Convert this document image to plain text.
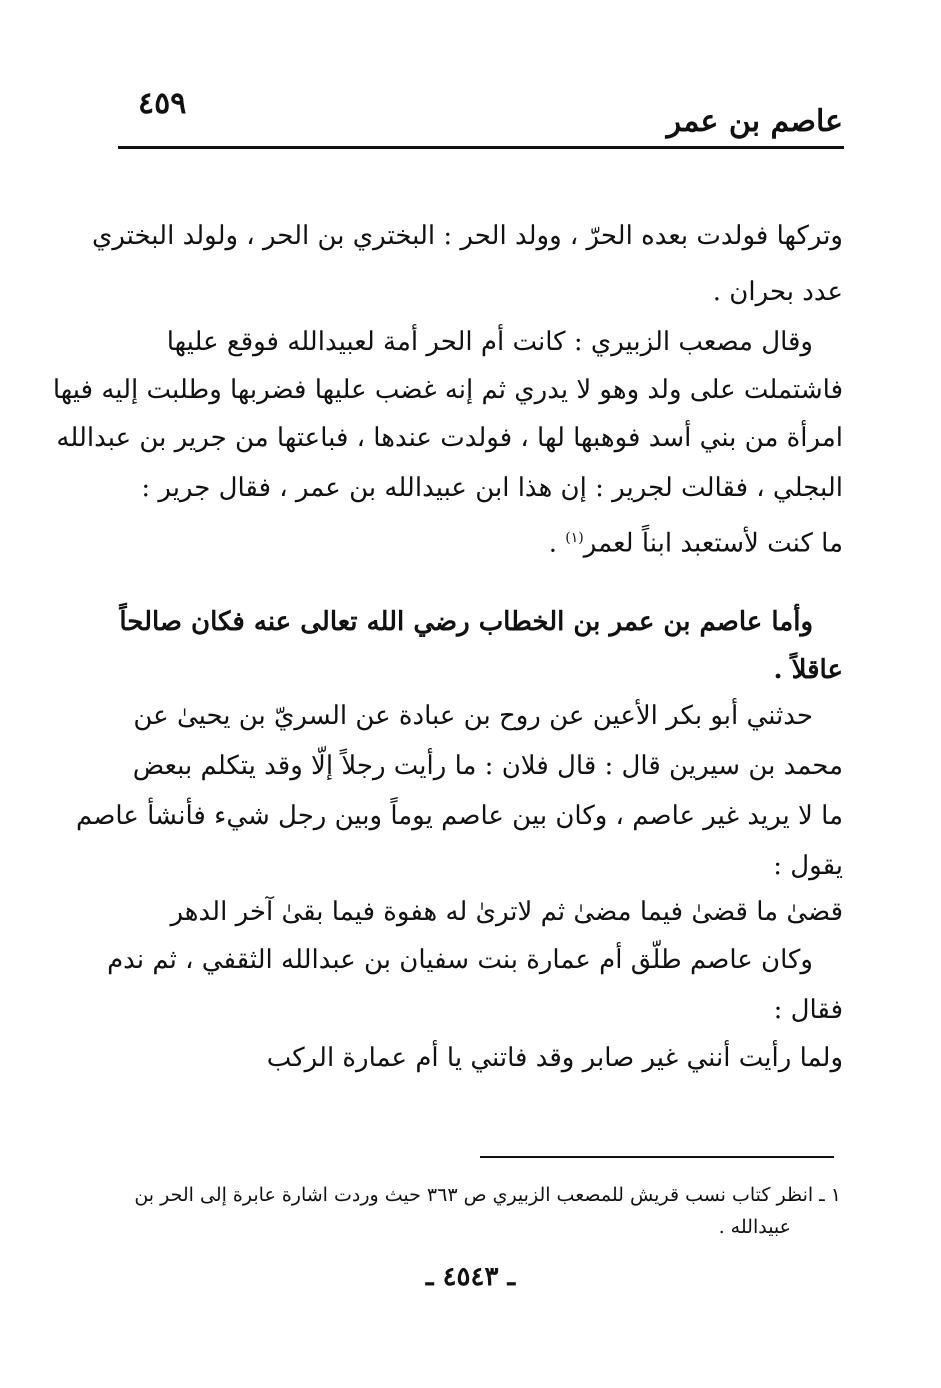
٤٥٩
عاصم بن عمر
وتركها فولدت بعده الحرّ ، وولد الحر : البختري بن الحر ، ولولد البختري
عدد بحران .
وقال مصعب الزبيري : كانت أم الحر أمة لعبيدالله فوقع عليها
فاشتملت على ولد وهو لا يدري ثم إنه غضب عليها فضربها وطلبت إليه فيها
امرأة من بني أسد فوهبها لها ، فولدت عندها ، فباعتها من جرير بن عبدالله
البجلي ، فقالت لجرير : إن هذا ابن عبيدالله بن عمر ، فقال جرير :
ما كنت لأستعبد ابناً لعمر$^{(١)}$ .
وأما عاصم بن عمر بن الخطاب رضي الله تعالى عنه فكان صالحاً
عاقلاً .
حدثني أبو بكر الأعين عن روح بن عبادة عن السريّ بن يحيىٰ عن
محمد بن سيرين قال : قال فلان : ما رأيت رجلاً إلّا وقد يتكلم ببعض
ما لا يريد غير عاصم ، وكان بين عاصم يوماً وبين رجل شيء فأنشأ عاصم
يقول :
قضىٰ ما قضىٰ فيما مضىٰ ثم لاترىٰ له هفوة فيما بقىٰ آخر الدهر
وكان عاصم طلّق أم عمارة بنت سفيان بن عبدالله الثقفي ، ثم ندم
فقال :
ولما رأيت أنني غير صابر وقد فاتني يا أم عمارة الركب
١ ـ انظر كتاب نسب قريش للمصعب الزبيري ص ٣٦٣ حيث وردت اشارة عابرة إلى الحر بن
عبيدالله .
ـ ٤٥٤٣ ـ
